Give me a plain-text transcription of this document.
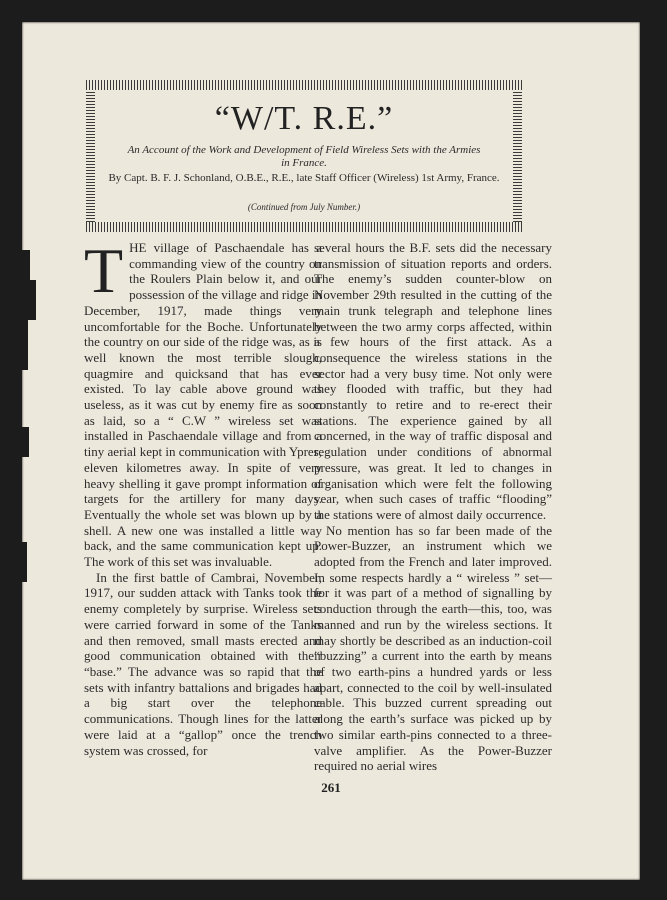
“W/T. R.E.”
An Account of the Work and Development of Field Wireless Sets with the Armies in France.
By Capt. B. F. J. Schonland, O.B.E., R.E., late Staff Officer (Wireless) 1st Army, France.
(Continued from July Number.)

THE village of Paschaendale has a commanding view of the country on the Roulers Plain below it, and our possession of the village and ridge in December, 1917, made things very uncomfortable for the Boche. Unfortunately the country on our side of the ridge was, as is well known the most terrible slough, quagmire and quicksand that has ever existed. To lay cable above ground was useless, as it was cut by enemy fire as soon as laid, so a “ C.W ” wireless set was installed in Paschaendale village and from a tiny aerial kept in communication with Ypres, eleven kilometres away. In spite of very heavy shelling it gave prompt information of targets for the artillery for many days. Eventually the whole set was blown up by a shell. A new one was installed a little way back, and the same communication kept up. The work of this set was invaluable.

In the first battle of Cambrai, November, 1917, our sudden attack with Tanks took the enemy completely by surprise. Wireless sets were carried forward in some of the Tanks and then removed, small masts erected and good communication obtained with their “base.” The advance was so rapid that the sets with infantry battalions and brigades had a big start over the telephone communications. Though lines for the latter were laid at a “gallop” once the trench system was crossed, for

several hours the B.F. sets did the necessary transmission of situation reports and orders. The enemy’s sudden counter-blow on November 29th resulted in the cutting of the main trunk telegraph and telephone lines between the two army corps affected, within a few hours of the first attack. As a consequence the wireless stations in the sector had a very busy time. Not only were they flooded with traffic, but they had constantly to retire and to re-erect their stations. The experience gained by all concerned, in the way of traffic disposal and regulation under conditions of abnormal pressure, was great. It led to changes in organisation which were felt the following year, when such cases of traffic “flooding” the stations were of almost daily occurrence.

No mention has so far been made of the Power-Buzzer, an instrument which we adopted from the French and later improved. In some respects hardly a “ wireless ” set—for it was part of a method of signalling by conduction through the earth—this, too, was manned and run by the wireless sections. It may shortly be described as an induction-coil “buzzing” a current into the earth by means of two earth-pins a hundred yards or less apart, connected to the coil by well-insulated cable. This buzzed current spreading out along the earth’s surface was picked up by two similar earth-pins connected to a three-valve amplifier. As the Power-Buzzer required no aerial wires

261
